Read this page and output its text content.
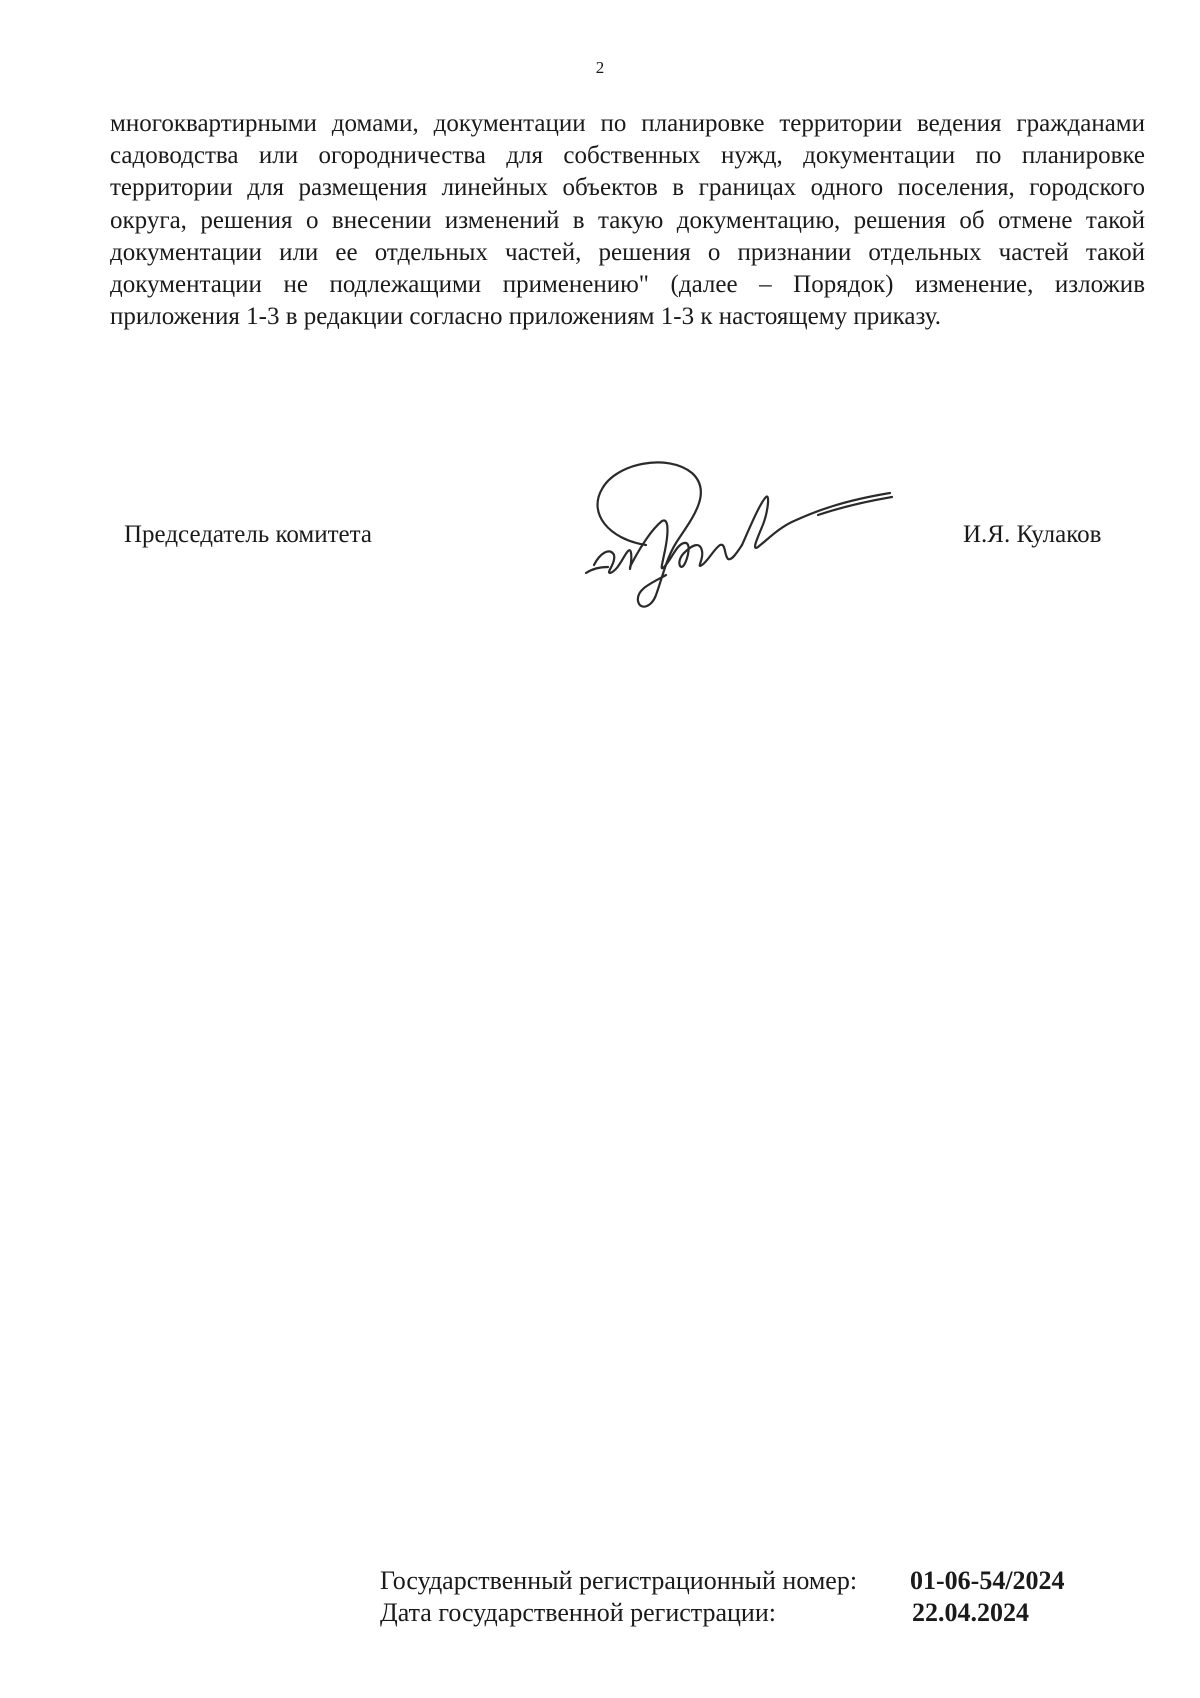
2

многоквартирными домами, документации по планировке территории ведения гражданами садоводства или огородничества для собственных нужд, документации по планировке территории для размещения линейных объектов в границах одного поселения, городского округа, решения о внесении изменений в такую документацию, решения об отмене такой документации или ее отдельных частей, решения о признании отдельных частей такой документации не подлежащими применению" (далее – Порядок) изменение, изложив приложения 1-3 в редакции согласно приложениям 1-3 к настоящему приказу.

Председатель комитета	И.Я. Кулаков
Государственный регистрационный номер: 01-06-54/2024
Дата государственной регистрации:	22.04.2024
